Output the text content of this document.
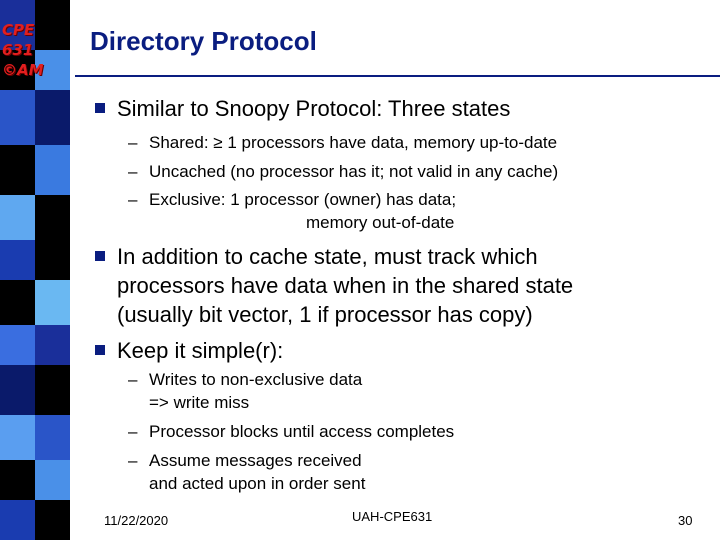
CPE
631
©AM
Directory Protocol
Similar to Snoopy Protocol: Three states
– Shared: ≥ 1 processors have data, memory up-to-date
– Uncached (no processor has it; not valid in any cache)
– Exclusive: 1 processor (owner) has data;
memory out-of-date
In addition to cache state, must track which
processors have data when in the shared state
(usually bit vector, 1 if processor has copy)
Keep it simple(r):
– Writes to non-exclusive data
=> write miss
– Processor blocks until access completes
– Assume messages received
and acted upon in order sent
11/22/2020	UAH-CPE631	30
